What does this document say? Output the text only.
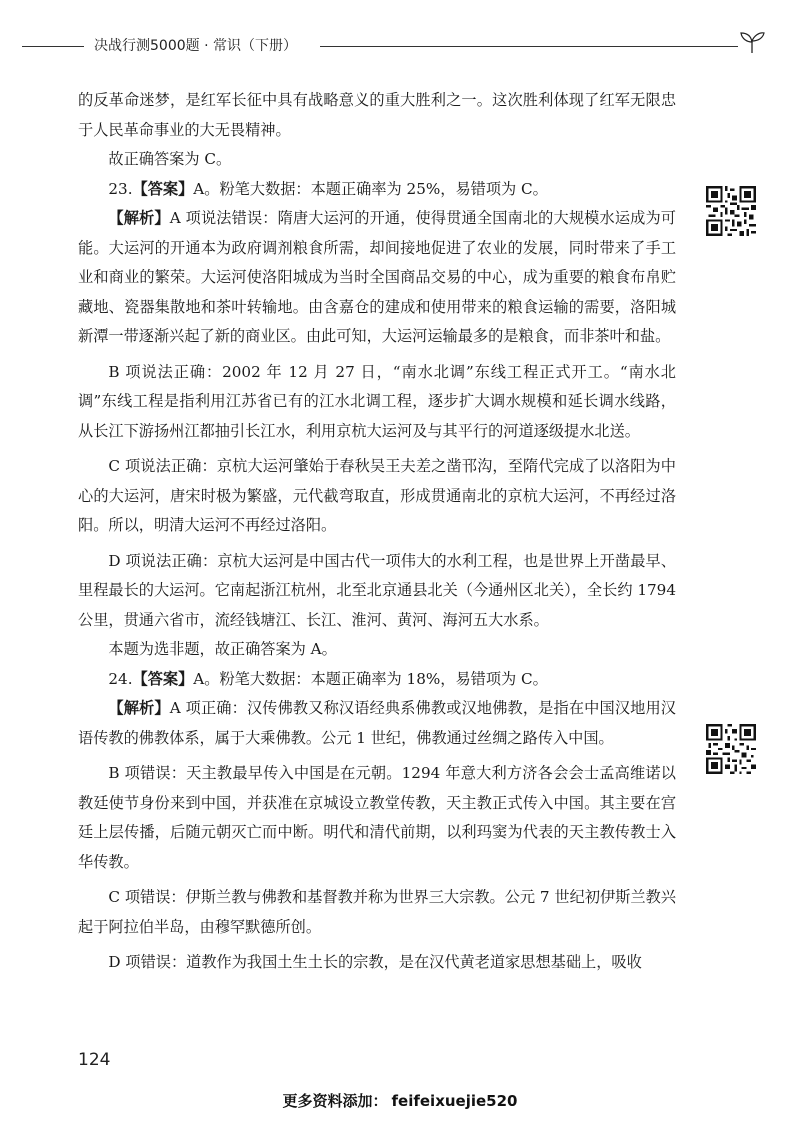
决战行测5000题 · 常识（下册）

的反革命迷梦，是红军长征中具有战略意义的重大胜利之一。这次胜利体现了红军无限忠于人民革命事业的大无畏精神。

故正确答案为 C。

23.【答案】A。粉笔大数据：本题正确率为 25%，易错项为 C。

【解析】A 项说法错误：隋唐大运河的开通，使得贯通全国南北的大规模水运成为可能。大运河的开通本为政府调剂粮食所需，却间接地促进了农业的发展，同时带来了手工业和商业的繁荣。大运河使洛阳城成为当时全国商品交易的中心，成为重要的粮食布帛贮藏地、瓷器集散地和茶叶转输地。由含嘉仓的建成和使用带来的粮食运输的需要，洛阳城新潭一带逐渐兴起了新的商业区。由此可知，大运河运输最多的是粮食，而非茶叶和盐。

B 项说法正确：2002 年 12 月 27 日，“南水北调”东线工程正式开工。“南水北调”东线工程是指利用江苏省已有的江水北调工程，逐步扩大调水规模和延长调水线路，从长江下游扬州江都抽引长江水，利用京杭大运河及与其平行的河道逐级提水北送。

C 项说法正确：京杭大运河肇始于春秋吴王夫差之凿邗沟，至隋代完成了以洛阳为中心的大运河，唐宋时极为繁盛，元代截弯取直，形成贯通南北的京杭大运河，不再经过洛阳。所以，明清大运河不再经过洛阳。

D 项说法正确：京杭大运河是中国古代一项伟大的水利工程，也是世界上开凿最早、里程最长的大运河。它南起浙江杭州，北至北京通县北关（今通州区北关），全长约 1794 公里，贯通六省市，流经钱塘江、长江、淮河、黄河、海河五大水系。

本题为选非题，故正确答案为 A。

24.【答案】A。粉笔大数据：本题正确率为 18%，易错项为 C。

【解析】A 项正确：汉传佛教又称汉语经典系佛教或汉地佛教，是指在中国汉地用汉语传教的佛教体系，属于大乘佛教。公元 1 世纪，佛教通过丝绸之路传入中国。

B 项错误：天主教最早传入中国是在元朝。1294 年意大利方济各会会士孟高维诺以教廷使节身份来到中国，并获准在京城设立教堂传教，天主教正式传入中国。其主要在宫廷上层传播，后随元朝灭亡而中断。明代和清代前期，以利玛窦为代表的天主教传教士入华传教。

C 项错误：伊斯兰教与佛教和基督教并称为世界三大宗教。公元 7 世纪初伊斯兰教兴起于阿拉伯半岛，由穆罕默德所创。

D 项错误：道教作为我国土生土长的宗教，是在汉代黄老道家思想基础上，吸收

124
更多资料添加： feifeixuejie520
